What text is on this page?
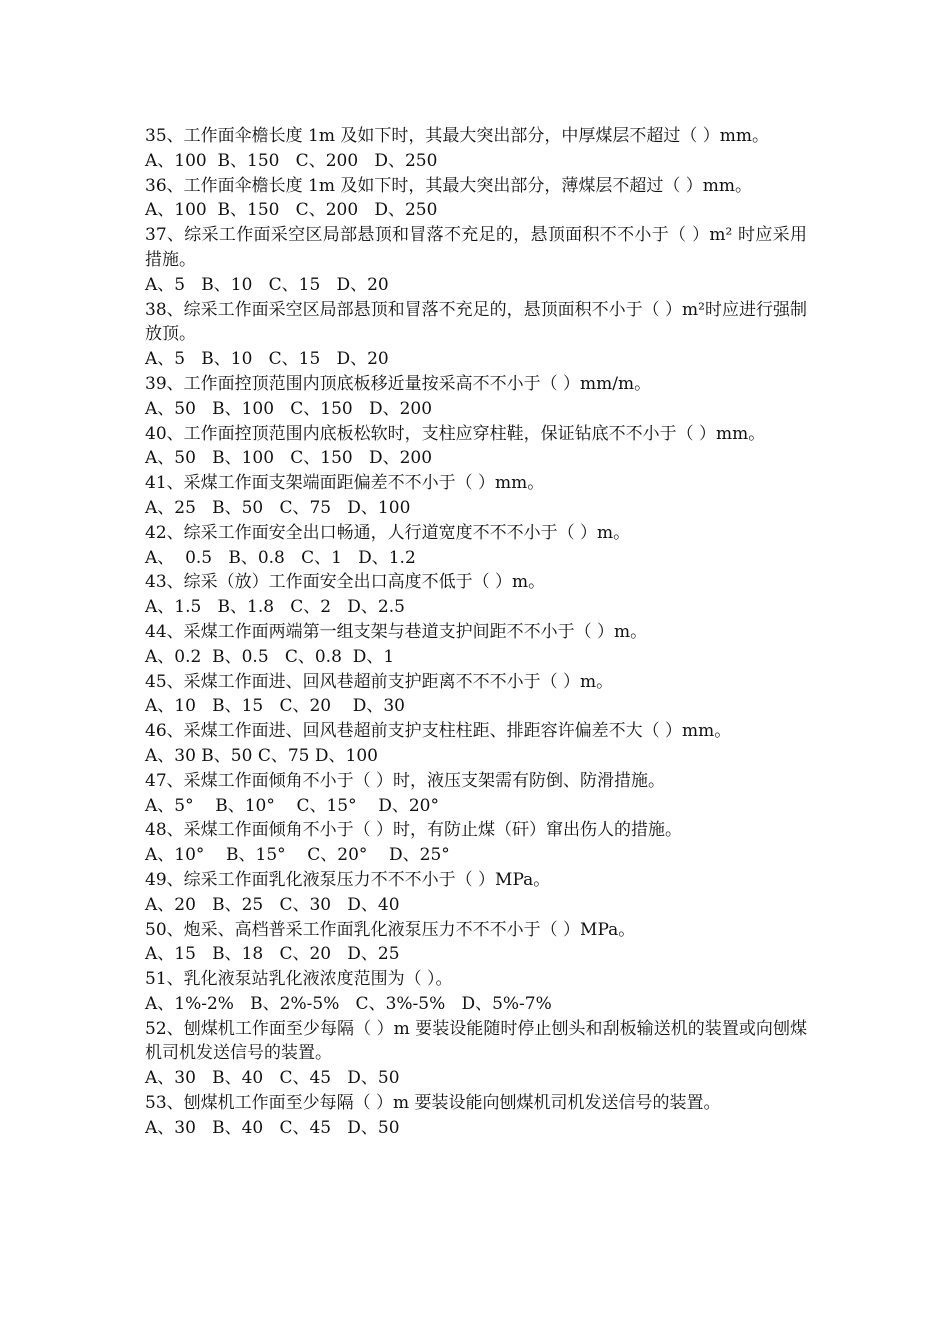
35、工作面伞檐长度 1m 及如下时，其最大突出部分，中厚煤层不超过（ ）mm。
A、100  B、150   C、200   D、250
36、工作面伞檐长度 1m 及如下时，其最大突出部分，薄煤层不超过（ ）mm。
A、100  B、150   C、200   D、250
37、综采工作面采空区局部悬顶和冒落不充足的，悬顶面积不不小于（ ）m² 时应采用措施。
A、5   B、10   C、15   D、20
38、综采工作面采空区局部悬顶和冒落不充足的，悬顶面积不小于（ ）m²时应进行强制放顶。
A、5   B、10   C、15   D、20
39、工作面控顶范围内顶底板移近量按采高不不小于（ ）mm/m。
A、50   B、100   C、150   D、200
40、工作面控顶范围内底板松软时，支柱应穿柱鞋，保证钻底不不小于（ ）mm。
A、50   B、100   C、150   D、200
41、采煤工作面支架端面距偏差不不小于（ ）mm。
A、25   B、50   C、75   D、100
42、综采工作面安全出口畅通，人行道宽度不不不小于（ ）m。
A、  0.5   B、0.8   C、1   D、1.2
43、综采（放）工作面安全出口高度不低于（ ）m。
A、1.5   B、1.8   C、2   D、2.5
44、采煤工作面两端第一组支架与巷道支护间距不不小于（ ）m。
A、0.2  B、0.5   C、0.8  D、1
45、采煤工作面进、回风巷超前支护距离不不不小于（ ）m。
A、10   B、15   C、20    D、30
46、采煤工作面进、回风巷超前支护支柱柱距、排距容许偏差不大（ ）mm。
A、30 B、50 C、75 D、100
47、采煤工作面倾角不小于（ ）时，液压支架需有防倒、防滑措施。
A、5°    B、10°    C、15°    D、20°
48、采煤工作面倾角不小于（ ）时，有防止煤（矸）窜出伤人的措施。
A、10°    B、15°    C、20°    D、25°
49、综采工作面乳化液泵压力不不不小于（ ）MPa。
A、20   B、25   C、30   D、40
50、炮采、高档普采工作面乳化液泵压力不不不小于（ ）MPa。
A、15   B、18   C、20   D、25
51、乳化液泵站乳化液浓度范围为（ ）。
A、1%-2%   B、2%-5%   C、3%-5%   D、5%-7%
52、刨煤机工作面至少每隔（ ）m 要装设能随时停止刨头和刮板输送机的装置或向刨煤机司机发送信号的装置。
A、30   B、40   C、45   D、50
53、刨煤机工作面至少每隔（ ）m 要装设能向刨煤机司机发送信号的装置。
A、30   B、40   C、45   D、50
